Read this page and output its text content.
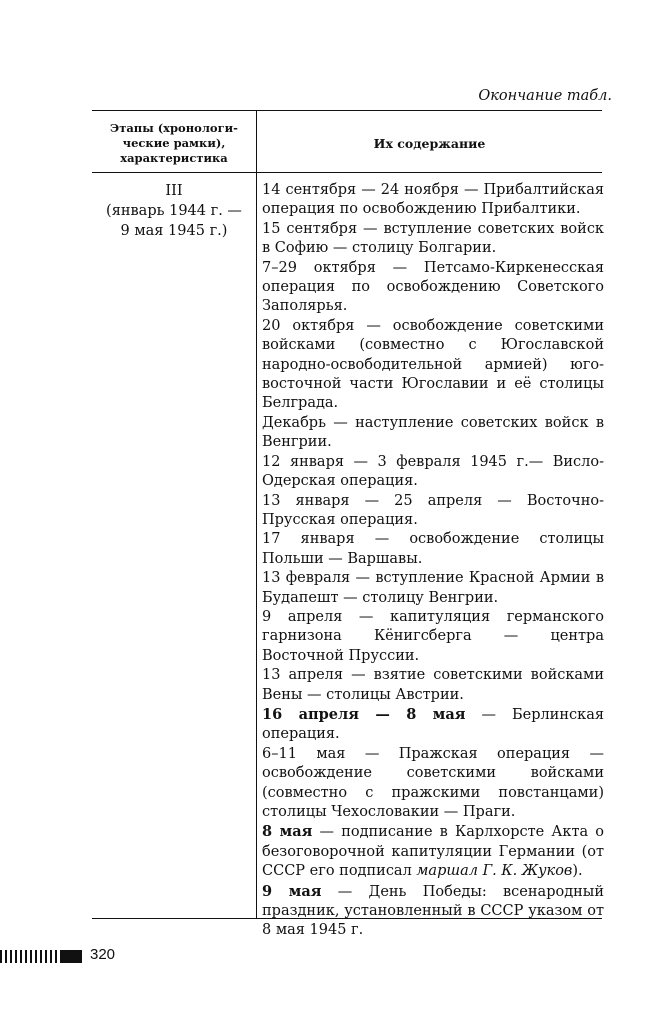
Окончание табл.
Этапы (хронологи-
ческие рамки),
характеристика
Их содержание
III
(январь 1944 г. —
9 мая 1945 г.)

14 сентября — 24 ноября — Прибалтийская операция по освобождению Прибалтики.

15 сентября — вступление советских войск в Софию — столицу Болгарии.

7–29 октября — Петсамо-Киркенесская операция по освобождению Советского Заполярья.

20 октября — освобождение советскими войсками (совместно с Югославской народно-освободительной армией) юго-восточной части Югославии и её столицы Белграда.

Декабрь — наступление советских войск в Венгрии.

12 января — 3 февраля 1945 г.— Висло-Одерская операция.

13 января — 25 апреля — Восточно-Прусская операция.

17 января — освобождение столицы Польши — Варшавы.

13 февраля — вступление Красной Армии в Будапешт — столицу Венгрии.

9 апреля — капитуляция германского гарнизона Кёнигсберга — центра Восточной Пруссии.

13 апреля — взятие советскими войсками Вены — столицы Австрии.

16 апреля — 8 мая — Берлинская операция.

6–11 мая — Пражская операция — освобождение советскими войсками (совместно с пражскими повстанцами) столицы Чехословакии — Праги.

8 мая — подписание в Карлхорсте Акта о безоговорочной капитуляции Германии (от СССР его подписал маршал Г. К. Жуков).

9 мая — День Победы: всенародный праздник, установленный в СССР указом от 8 мая 1945 г.

320
